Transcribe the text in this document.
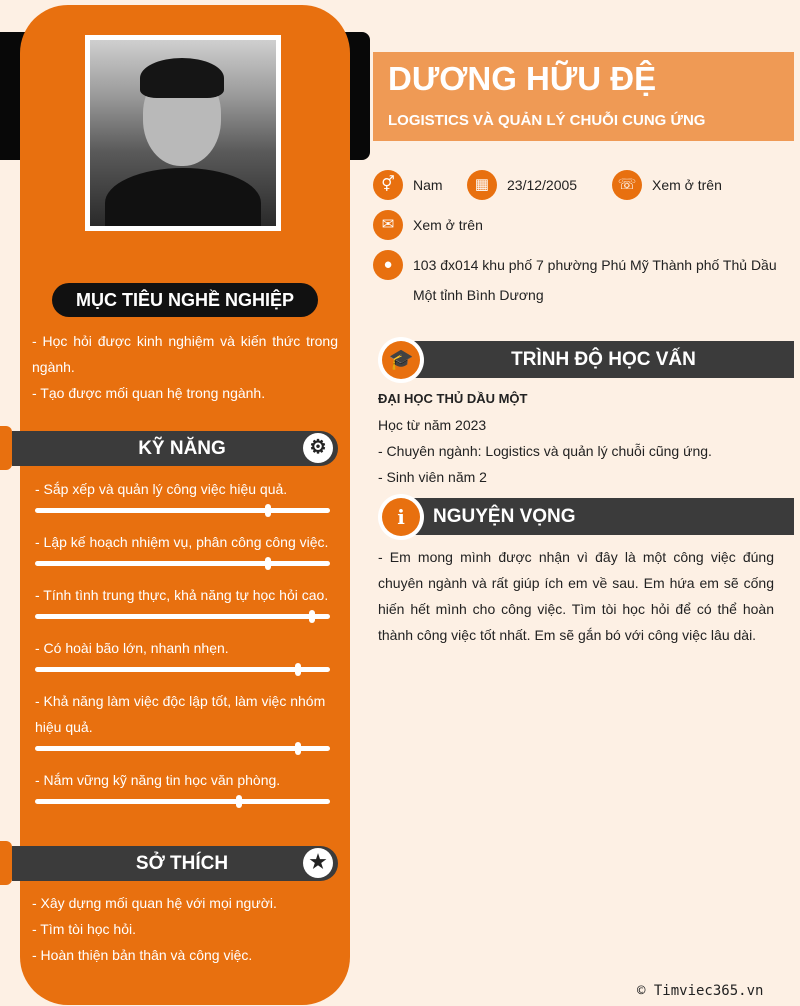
MỤC TIÊU NGHỀ NGHIỆP
- Học hỏi được kinh nghiệm và kiến thức trong
ngành.
- Tạo được mối quan hệ trong ngành.
KỸ NĂNG	⚙
- Sắp xếp và quản lý công việc hiệu quả.
- Lập kế hoạch nhiệm vụ, phân công công việc.
- Tính tình trung thực, khả năng tự học hỏi cao.
- Có hoài bão lớn, nhanh nhẹn.
- Khả năng làm việc độc lập tốt, làm việc nhóm
hiệu quả.
- Nắm vững kỹ năng tin học văn phòng.
SỞ THÍCH	★
- Xây dựng mối quan hệ với mọi người.
- Tìm tòi học hỏi.
- Hoàn thiện bản thân và công việc.
DƯƠNG HỮU ĐỆ
LOGISTICS VÀ QUẢN LÝ CHUỖI CUNG ỨNG
⚥	Nam	▦	23/12/2005	☏	Xem ở trên
✉	Xem ở trên
●	103 đx014 khu phố 7 phường Phú Mỹ Thành phố Thủ Dầu
Một tỉnh Bình Dương
TRÌNH ĐỘ HỌC VẤN
🎓
ĐẠI HỌC THỦ DẦU MỘT
Học từ năm 2023
- Chuyên ngành: Logistics và quản lý chuỗi cũng ứng.
- Sinh viên năm 2
NGUYỆN VỌNG
i
- Em mong mình được nhận vì đây là một công việc đúng
chuyên ngành và rất giúp ích em về sau. Em hứa em sẽ cống
hiến hết mình cho công việc. Tìm tòi học hỏi để có thể hoàn
thành công việc tốt nhất. Em sẽ gắn bó với công việc lâu dài.
© Timviec365.vn
